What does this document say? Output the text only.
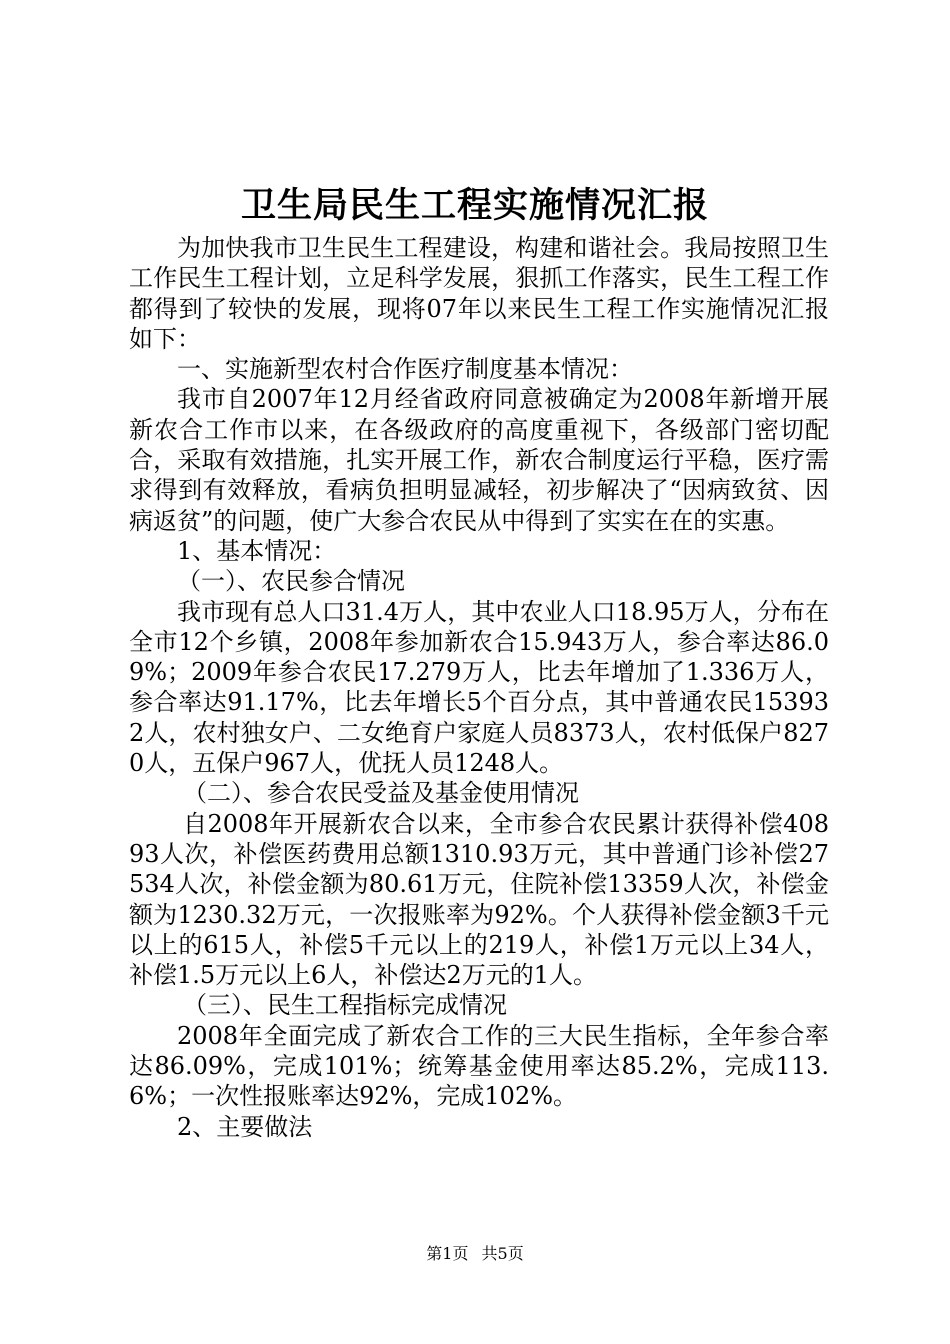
卫生局民生工程实施情况汇报

为加快我市卫生民生工程建设，构建和谐社会。我局按照卫生工作民生工程计划，立足科学发展，狠抓工作落实，民生工程工作都得到了较快的发展，现将07年以来民生工程工作实施情况汇报如下：

一、实施新型农村合作医疗制度基本情况：

我市自2007年12月经省政府同意被确定为2008年新增开展新农合工作市以来，在各级政府的高度重视下，各级部门密切配合，采取有效措施，扎实开展工作，新农合制度运行平稳，医疗需求得到有效释放，看病负担明显减轻，初步解决了“因病致贫、因病返贫”的问题，使广大参合农民从中得到了实实在在的实惠。

1、基本情况：

（一）、农民参合情况

我市现有总人口31.4万人，其中农业人口18.95万人，分布在全市12个乡镇，2008年参加新农合15.943万人，参合率达86.09%；2009年参合农民17.279万人，比去年增加了1.336万人，参合率达91.17%，比去年增长5个百分点，其中普通农民153932人，农村独女户、二女绝育户家庭人员8373人，农村低保户8270人，五保户967人，优抚人员1248人。

（二）、参合农民受益及基金使用情况

自2008年开展新农合以来，全市参合农民累计获得补偿40893人次，补偿医药费用总额1310.93万元，其中普通门诊补偿27534人次，补偿金额为80.61万元，住院补偿13359人次，补偿金额为1230.32万元，一次报账率为92%。个人获得补偿金额3千元以上的615人，补偿5千元以上的219人，补偿1万元以上34人，补偿1.5万元以上6人，补偿达2万元的1人。

（三）、民生工程指标完成情况

2008年全面完成了新农合工作的三大民生指标，全年参合率达86.09%，完成101%；统筹基金使用率达85.2%，完成113.6%；一次性报账率达92%，完成102%。

2、主要做法

第1页 共5页
